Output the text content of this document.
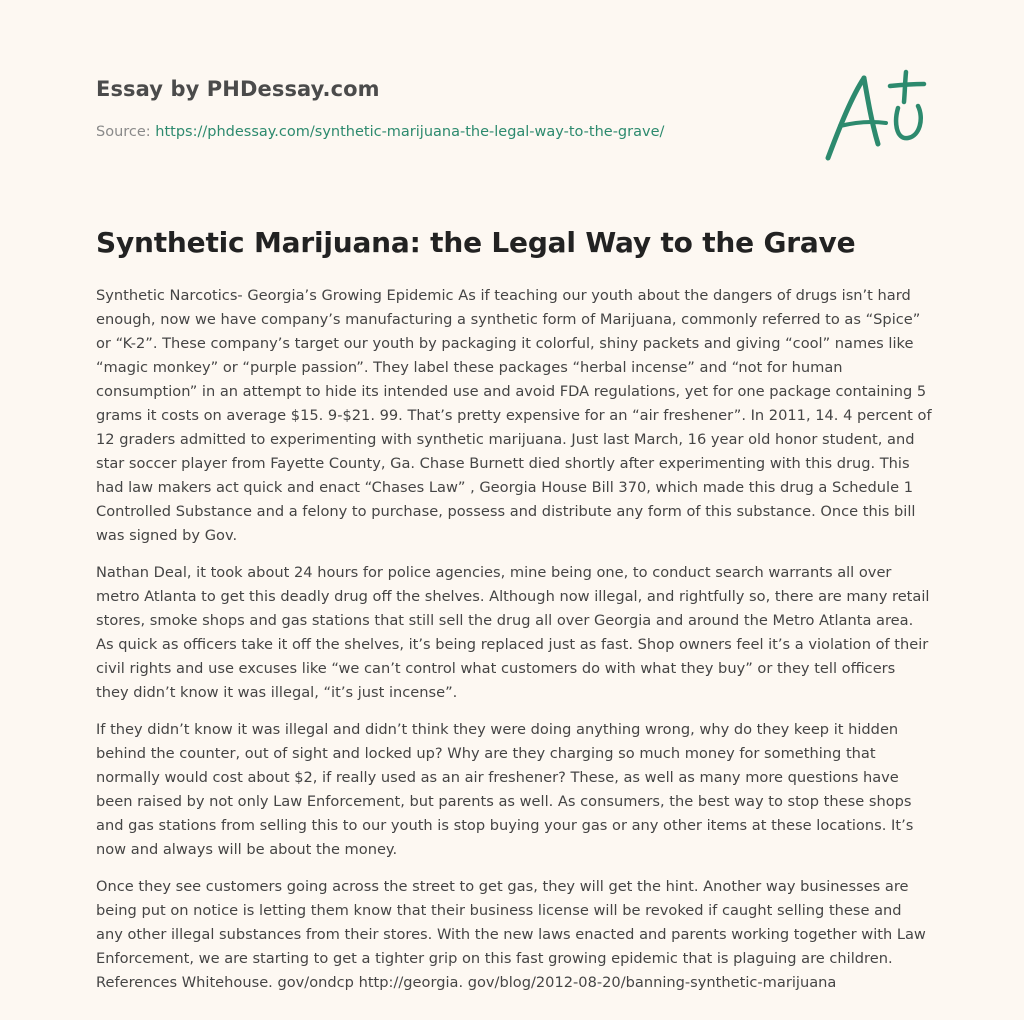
Essay by PHDessay.com
Source: https://phdessay.com/synthetic-marijuana-the-legal-way-to-the-grave/
Synthetic Marijuana: the Legal Way to the Grave

Synthetic Narcotics- Georgia’s Growing Epidemic As if teaching our youth about the dangers of drugs isn’t hard enough, now we have company’s manufacturing a synthetic form of Marijuana, commonly referred to as “Spice” or “K-2”. These company’s target our youth by packaging it colorful, shiny packets and giving “cool” names like “magic monkey” or “purple passion”. They label these packages “herbal incense” and “not for human consumption” in an attempt to hide its intended use and avoid FDA regulations, yet for one package containing 5 grams it costs on average $15. 9-$21. 99. That’s pretty expensive for an “air freshener”. In 2011, 14. 4 percent of 12 graders admitted to experimenting with synthetic marijuana. Just last March, 16 year old honor student, and star soccer player from Fayette County, Ga. Chase Burnett died shortly after experimenting with this drug. This had law makers act quick and enact “Chases Law” , Georgia House Bill 370, which made this drug a Schedule 1 Controlled Substance and a felony to purchase, possess and distribute any form of this substance. Once this bill was signed by Gov.

Nathan Deal, it took about 24 hours for police agencies, mine being one, to conduct search warrants all over metro Atlanta to get this deadly drug off the shelves. Although now illegal, and rightfully so, there are many retail stores, smoke shops and gas stations that still sell the drug all over Georgia and around the Metro Atlanta area. As quick as officers take it off the shelves, it’s being replaced just as fast. Shop owners feel it’s a violation of their civil rights and use excuses like “we can’t control what customers do with what they buy” or they tell officers they didn’t know it was illegal, “it’s just incense”.

If they didn’t know it was illegal and didn’t think they were doing anything wrong, why do they keep it hidden behind the counter, out of sight and locked up? Why are they charging so much money for something that normally would cost about $2, if really used as an air freshener? These, as well as many more questions have been raised by not only Law Enforcement, but parents as well. As consumers, the best way to stop these shops and gas stations from selling this to our youth is stop buying your gas or any other items at these locations. It’s now and always will be about the money.

Once they see customers going across the street to get gas, they will get the hint. Another way businesses are being put on notice is letting them know that their business license will be revoked if caught selling these and any other illegal substances from their stores. With the new laws enacted and parents working together with Law Enforcement, we are starting to get a tighter grip on this fast growing epidemic that is plaguing are children. References Whitehouse. gov/ondcp http://georgia. gov/blog/2012-08-20/banning-synthetic-marijuana
